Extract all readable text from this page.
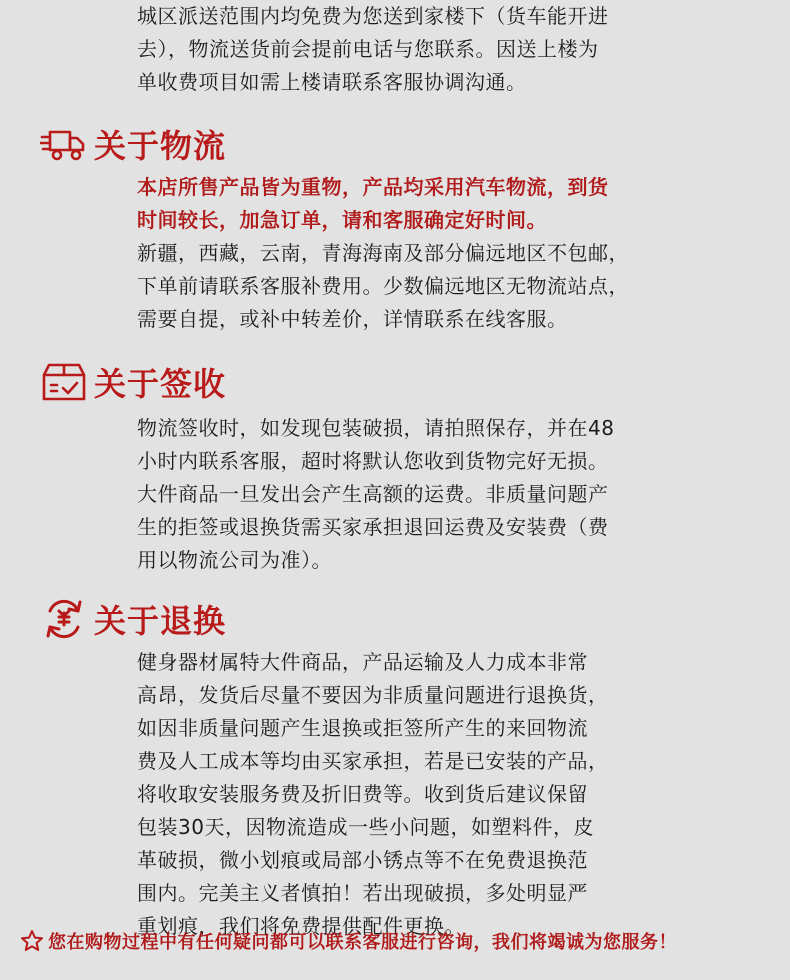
城区派送范围内均免费为您送到家楼下（货车能开进
去），物流送货前会提前电话与您联系。因送上楼为
单收费项目如需上楼请联系客服协调沟通。

关于物流

本店所售产品皆为重物，产品均采用汽车物流，到货
时间较长，加急订单，请和客服确定好时间。

新疆，西藏，云南，青海海南及部分偏远地区不包邮，
下单前请联系客服补费用。少数偏远地区无物流站点，
需要自提，或补中转差价，详情联系在线客服。

关于签收

物流签收时，如发现包装破损，请拍照保存，并在48
小时内联系客服，超时将默认您收到货物完好无损。
大件商品一旦发出会产生高额的运费。非质量问题产
生的拒签或退换货需买家承担退回运费及安装费（费
用以物流公司为准）。

关于退换

健身器材属特大件商品，产品运输及人力成本非常
高昂，发货后尽量不要因为非质量问题进行退换货，
如因非质量问题产生退换或拒签所产生的来回物流
费及人工成本等均由买家承担，若是已安装的产品，
将收取安装服务费及折旧费等。收到货后建议保留
包装30天，因物流造成一些小问题，如塑料件，皮
革破损，微小划痕或局部小锈点等不在免费退换范
围内。完美主义者慎拍！若出现破损，多处明显严
重划痕，我们将免费提供配件更换。

您在购物过程中有任何疑问都可以联系客服进行咨询，我们将竭诚为您服务！
